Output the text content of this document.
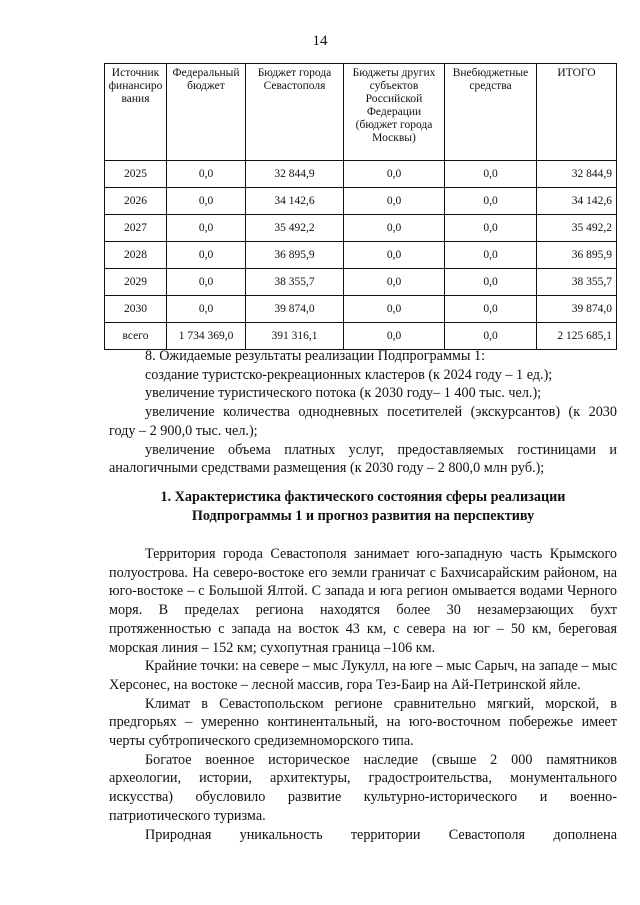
14
Источник финансиро вания	Федеральный бюджет	Бюджет города Севастополя	Бюджеты других субъектов Российской Федерации (бюджет города Москвы)	Внебюджетные средства	ИТОГО
2025	0,0	32 844,9	0,0	0,0	32 844,9
2026	0,0	34 142,6	0,0	0,0	34 142,6
2027	0,0	35 492,2	0,0	0,0	35 492,2
2028	0,0	36 895,9	0,0	0,0	36 895,9
2029	0,0	38 355,7	0,0	0,0	38 355,7
2030	0,0	39 874,0	0,0	0,0	39 874,0
всего	1 734 369,0	391 316,1	0,0	0,0	2 125 685,1

8. Ожидаемые результаты реализации Подпрограммы 1:

создание туристско-рекреационных кластеров (к 2024 году – 1 ед.);

увеличение туристического потока (к 2030 году– 1 400 тыс. чел.);

увеличение количества однодневных посетителей (экскурсантов) (к 2030 году – 2 900,0 тыс. чел.);

увеличение объема платных услуг, предоставляемых гостиницами и аналогичными средствами размещения (к 2030 году – 2 800,0 млн руб.);

1. Характеристика фактического состояния сферы реализации
Подпрограммы 1 и прогноз развития на перспективу

Территория города Севастополя занимает юго-западную часть Крымского полуострова. На северо-востоке его земли граничат с Бахчисарайским районом, на юго-востоке – с Большой Ялтой. С запада и юга регион омывается водами Черного моря. В пределах региона находятся более 30 незамерзающих бухт протяженностью с запада на восток 43 км, с севера на юг – 50 км, береговая морская линия – 152 км; сухопутная граница –106 км.

Крайние точки: на севере – мыс Лукулл, на юге – мыс Сарыч, на западе – мыс Херсонес, на востоке – лесной массив, гора Тез-Баир на Ай-Петринской яйле.

Климат в Севастопольском регионе сравнительно мягкий, морской, в предгорьях – умеренно континентальный, на юго-восточном побережье имеет черты субтропического средиземноморского типа.

Богатое военное историческое наследие (свыше 2 000 памятников археологии, истории, архитектуры, градостроительства, монументального искусства) обусловило развитие культурно-исторического и военно-патриотического туризма.

Природная уникальность территории Севастополя дополнена
